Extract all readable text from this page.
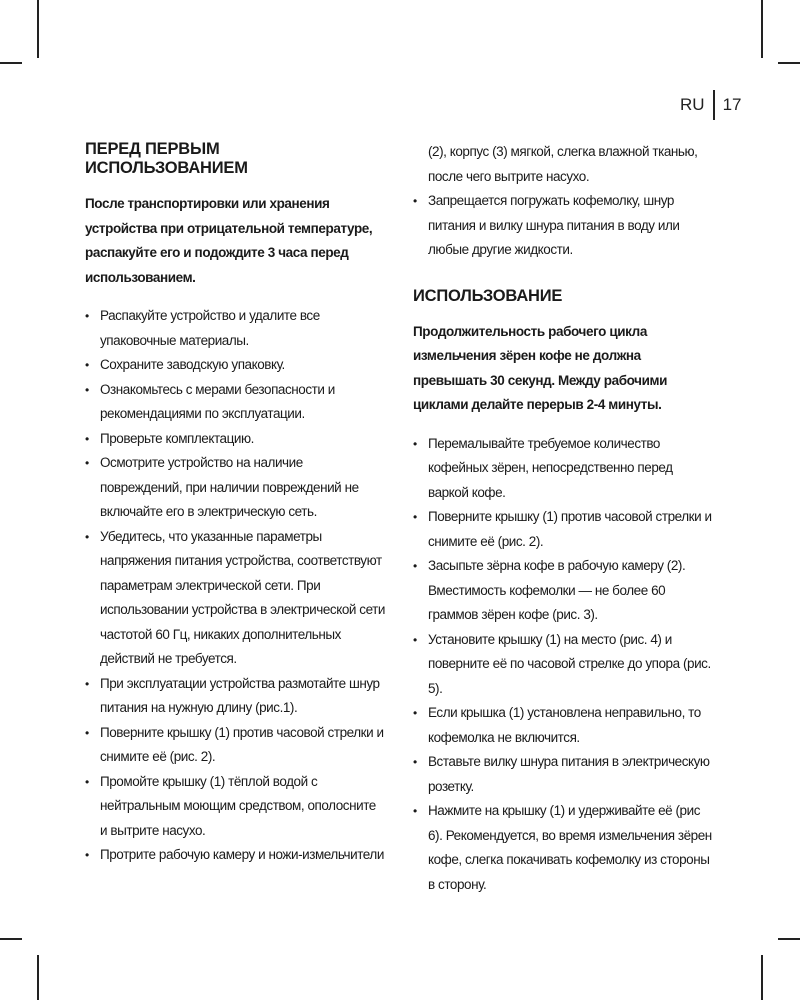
RU 17
ПЕРЕД ПЕРВЫМ ИСПОЛЬЗОВАНИЕМ

После транспортировки или хранения устройства при отрицательной температуре, распакуйте его и подождите 3 часа перед использованием.

• Распакуйте устройство и удалите все упаковочные материалы.
• Сохраните заводскую упаковку.
• Ознакомьтесь с мерами безопасности и рекомендациями по эксплуатации.
• Проверьте комплектацию.
• Осмотрите устройство на наличие повреждений, при наличии повреждений не включайте его в электрическую сеть.
• Убедитесь, что указанные параметры напряжения питания устройства, соответствуют параметрам электрической сети. При использовании устройства в электрической сети частотой 60 Гц, никаких дополнительных действий не требуется.
• При эксплуатации устройства размотайте шнур питания на нужную длину (рис.1).
• Поверните крышку (1) против часовой стрелки и снимите её (рис. 2).
• Промойте крышку (1) тёплой водой с нейтральным моющим средством, ополосните и вытрите насухо.
• Протрите рабочую камеру и ножи-измельчители
(2), корпус (3) мягкой, слегка влажной тканью, после чего вытрите насухо.
• Запрещается погружать кофемолку, шнур питания и вилку шнура питания в воду или любые другие жидкости.
ИСПОЛЬЗОВАНИЕ

Продолжительность рабочего цикла измельчения зёрен кофе не должна превышать 30 секунд. Между рабочими циклами делайте перерыв 2-4 минуты.

• Перемалывайте требуемое количество кофейных зёрен, непосредственно перед варкой кофе.
• Поверните крышку (1) против часовой стрелки и снимите её (рис. 2).
• Засыпьте зёрна кофе в рабочую камеру (2). Вместимость кофемолки — не более 60 граммов зёрен кофе (рис. 3).
• Установите крышку (1) на место (рис. 4) и поверните её по часовой стрелке до упора (рис. 5).
• Если крышка (1) установлена неправильно, то кофемолка не включится.
• Вставьте вилку шнура питания в электрическую розетку.
• Нажмите на крышку (1) и удерживайте её (рис 6). Рекомендуется, во время измельчения зёрен кофе, слегка покачивать кофемолку из стороны в сторону.
